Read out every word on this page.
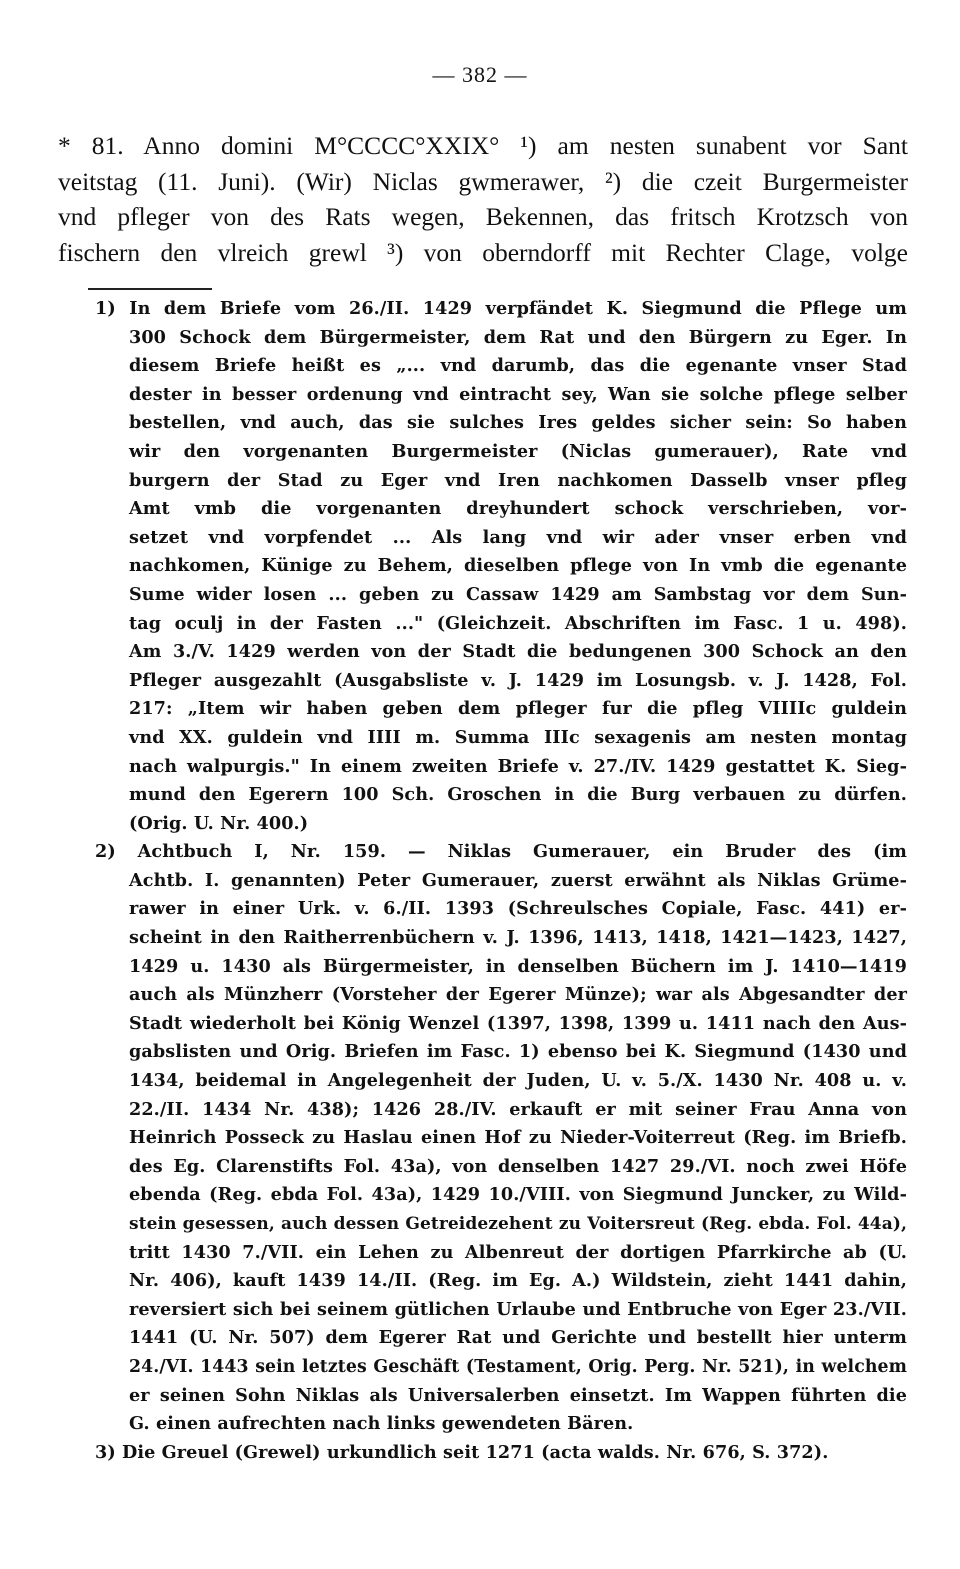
— 382 —
* 81. Anno domini M°CCCC°XXIX° ¹) am nesten sunabent vor Sant
veitstag (11. Juni). (Wir) Niclas gwmerawer, ²) die czeit Burgermeister
vnd pfleger von des Rats wegen, Bekennen, das fritsch Krotzsch von
fischern den vlreich grewl ³) von oberndorff mit Rechter Clage, volge
1) In dem Briefe vom 26./II. 1429 verpfändet K. Siegmund die Pflege um
300 Schock dem Bürgermeister, dem Rat und den Bürgern zu Eger. In
diesem Briefe heißt es „... vnd darumb, das die egenante vnser Stad
dester in besser ordenung vnd eintracht sey, Wan sie solche pflege selber
bestellen, vnd auch, das sie sulches Ires geldes sicher sein: So haben
wir den vorgenanten Burgermeister (Niclas gumerauer), Rate vnd
burgern der Stad zu Eger vnd Iren nachkomen Dasselb vnser pfleg
Amt vmb die vorgenanten dreyhundert schock verschrieben, vor-
setzet vnd vorpfendet ... Als lang vnd wir ader vnser erben vnd
nachkomen, Künige zu Behem, dieselben pflege von In vmb die egenante
Sume wider losen ... geben zu Cassaw 1429 am Sambstag vor dem Sun-
tag oculj in der Fasten ..." (Gleichzeit. Abschriften im Fasc. 1 u. 498).
Am 3./V. 1429 werden von der Stadt die bedungenen 300 Schock an den
Pfleger ausgezahlt (Ausgabsliste v. J. 1429 im Losungsb. v. J. 1428, Fol.
217: „Item wir haben geben dem pfleger fur die pfleg VIIIIc guldein
vnd XX. guldein vnd IIII m. Summa IIIc sexagenis am nesten montag
nach walpurgis." In einem zweiten Briefe v. 27./IV. 1429 gestattet K. Sieg-
mund den Egerern 100 Sch. Groschen in die Burg verbauen zu dürfen.
(Orig. U. Nr. 400.)
2) Achtbuch I, Nr. 159. — Niklas Gumerauer, ein Bruder des (im
Achtb. I. genannten) Peter Gumerauer, zuerst erwähnt als Niklas Grüme-
rawer in einer Urk. v. 6./II. 1393 (Schreulsches Copiale, Fasc. 441) er-
scheint in den Raitherrenbüchern v. J. 1396, 1413, 1418, 1421—1423, 1427,
1429 u. 1430 als Bürgermeister, in denselben Büchern im J. 1410—1419
auch als Münzherr (Vorsteher der Egerer Münze); war als Abgesandter der
Stadt wiederholt bei König Wenzel (1397, 1398, 1399 u. 1411 nach den Aus-
gabslisten und Orig. Briefen im Fasc. 1) ebenso bei K. Siegmund (1430 und
1434, beidemal in Angelegenheit der Juden, U. v. 5./X. 1430 Nr. 408 u. v.
22./II. 1434 Nr. 438); 1426 28./IV. erkauft er mit seiner Frau Anna von
Heinrich Posseck zu Haslau einen Hof zu Nieder-Voiterreut (Reg. im Briefb.
des Eg. Clarenstifts Fol. 43a), von denselben 1427 29./VI. noch zwei Höfe
ebenda (Reg. ebda Fol. 43a), 1429 10./VIII. von Siegmund Juncker, zu Wild-
stein gesessen, auch dessen Getreidezehent zu Voitersreut (Reg. ebda. Fol. 44a),
tritt 1430 7./VII. ein Lehen zu Albenreut der dortigen Pfarrkirche ab (U.
Nr. 406), kauft 1439 14./II. (Reg. im Eg. A.) Wildstein, zieht 1441 dahin,
reversiert sich bei seinem gütlichen Urlaube und Entbruche von Eger 23./VII.
1441 (U. Nr. 507) dem Egerer Rat und Gerichte und bestellt hier unterm
24./VI. 1443 sein letztes Geschäft (Testament, Orig. Perg. Nr. 521), in welchem
er seinen Sohn Niklas als Universalerben einsetzt. Im Wappen führten die
G. einen aufrechten nach links gewendeten Bären.
3) Die Greuel (Grewel) urkundlich seit 1271 (acta walds. Nr. 676, S. 372).
